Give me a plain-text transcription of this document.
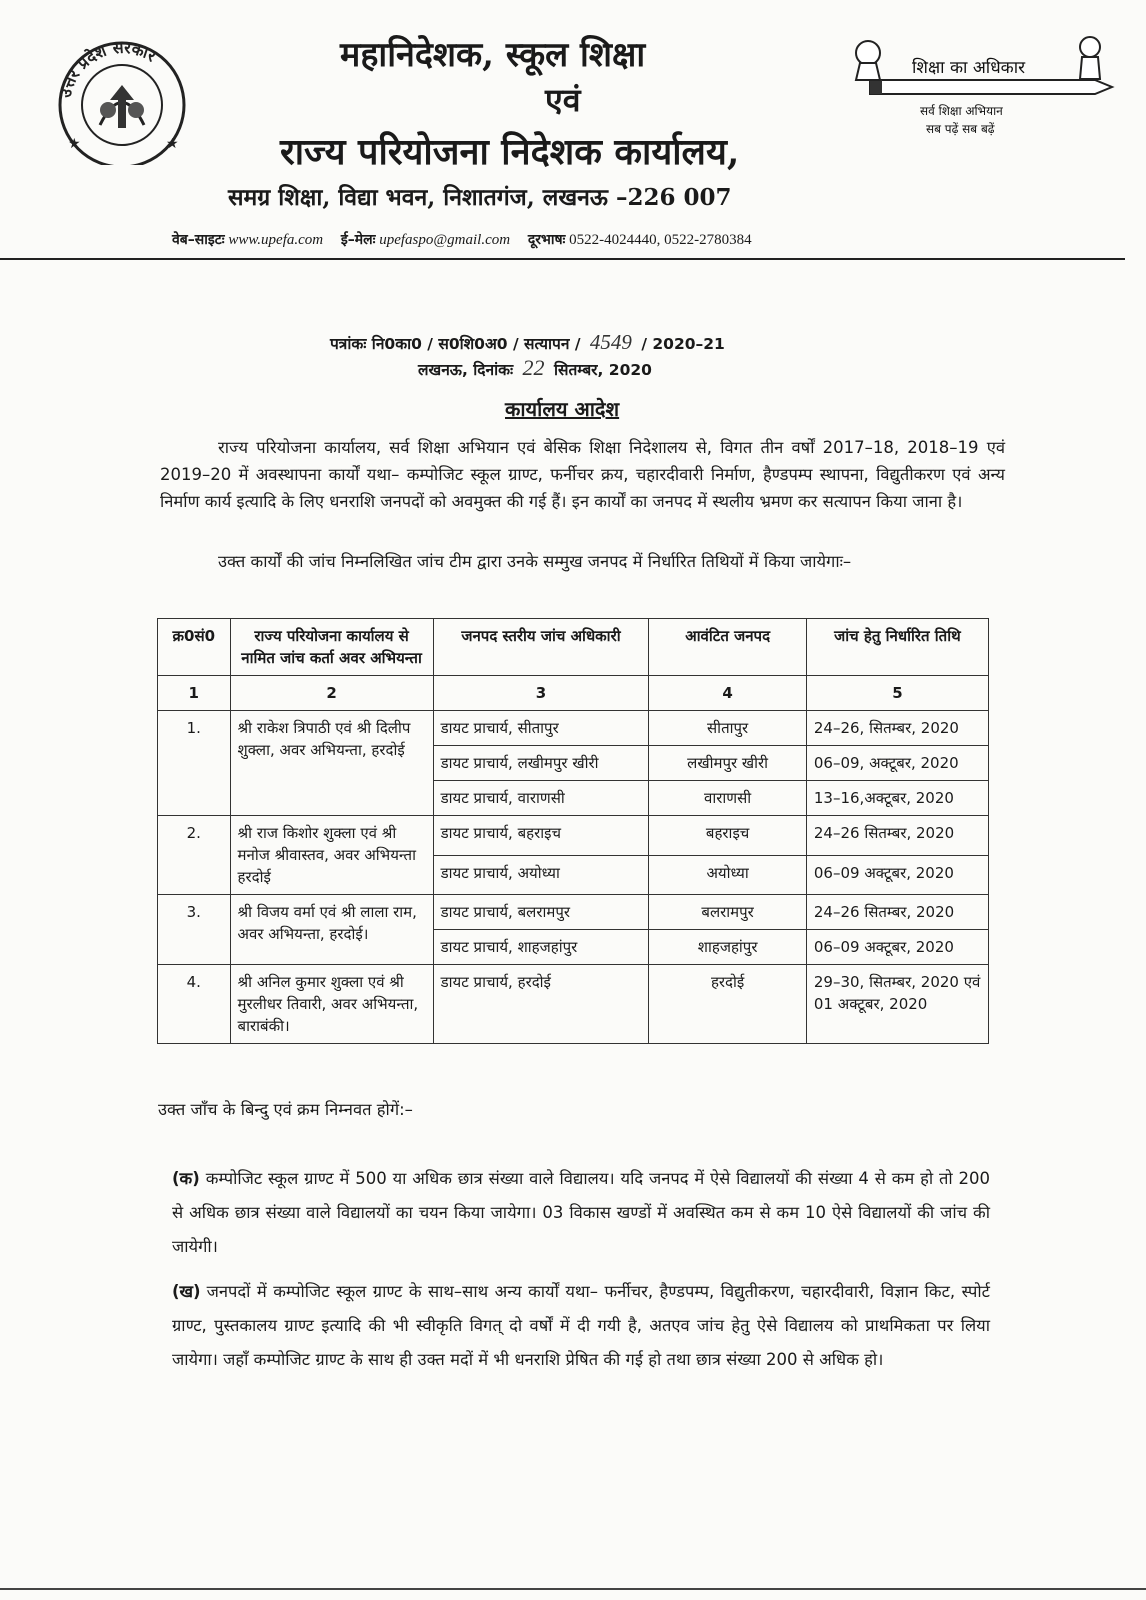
उत्तर प्रदेश सरकार
★	★
महानिदेशक, स्कूल शिक्षा
एवं
राज्य परियोजना निदेशक कार्यालय,
समग्र शिक्षा, विद्या भवन, निशातगंज, लखनऊ –226 007
शिक्षा का अधिकार
सर्व शिक्षा अभियान
सब पढ़ें सब बढ़ें
वेब–साइटः www.upefa.com ई–मेलः upefaspo@gmail.com दूरभाषः 0522-4024440, 0522-2780384
पत्रांकः नि0का0 / स0शि0अ0 / सत्यापन / 4549 / 2020–21
लखनऊ, दिनांकः 22 सितम्बर, 2020
कार्यालय आदेश
राज्य परियोजना कार्यालय, सर्व शिक्षा अभियान एवं बेसिक शिक्षा निदेशालय से, विगत तीन वर्षों 2017–18, 2018–19 एवं 2019–20 में अवस्थापना कार्यों यथा– कम्पोजिट स्कूल ग्राण्ट, फर्नीचर क्रय, चहारदीवारी निर्माण, हैण्डपम्प स्थापना, विद्युतीकरण एवं अन्य निर्माण कार्य इत्यादि के लिए धनराशि जनपदों को अवमुक्त की गई हैं। इन कार्यों का जनपद में स्थलीय भ्रमण कर सत्यापन किया जाना है।
उक्त कार्यों की जांच निम्नलिखित जांच टीम द्वारा उनके सम्मुख जनपद में निर्धारित तिथियों में किया जायेगाः–
क्र0सं0	राज्य परियोजना कार्यालय से नामित जांच कर्ता अवर अभियन्ता	जनपद स्तरीय जांच अधिकारी	आवंटित जनपद	जांच हेतु निर्धारित तिथि
1	2	3	4	5
1.	श्री राकेश त्रिपाठी एवं श्री दिलीप शुक्ला, अवर अभियन्ता, हरदोई	डायट प्राचार्य, सीतापुर	सीतापुर	24–26, सितम्बर, 2020
		डायट प्राचार्य, लखीमपुर खीरी	लखीमपुर खीरी	06–09, अक्टूबर, 2020
		डायट प्राचार्य, वाराणसी	वाराणसी	13–16,अक्टूबर, 2020
2.	श्री राज किशोर शुक्ला एवं श्री मनोज श्रीवास्तव, अवर अभियन्ता हरदोई	डायट प्राचार्य, बहराइच	बहराइच	24–26 सितम्बर, 2020
		डायट प्राचार्य, अयोध्या	अयोध्या	06–09 अक्टूबर, 2020
3.	श्री विजय वर्मा एवं श्री लाला राम, अवर अभियन्ता, हरदोई।	डायट प्राचार्य, बलरामपुर	बलरामपुर	24–26 सितम्बर, 2020
		डायट प्राचार्य, शाहजहांपुर	शाहजहांपुर	06–09 अक्टूबर, 2020
4.	श्री अनिल कुमार शुक्ला एवं श्री मुरलीधर तिवारी, अवर अभियन्ता, बाराबंकी।	डायट प्राचार्य, हरदोई	हरदोई	29–30, सितम्बर, 2020 एवं 01 अक्टूबर, 2020
उक्त जाँच के बिन्दु एवं क्रम निम्नवत होगें:–
(क) कम्पोजिट स्कूल ग्राण्ट में 500 या अधिक छात्र संख्या वाले विद्यालय। यदि जनपद में ऐसे विद्यालयों की संख्या 4 से कम हो तो 200 से अधिक छात्र संख्या वाले विद्यालयों का चयन किया जायेगा। 03 विकास खण्डों में अवस्थित कम से कम 10 ऐसे विद्यालयों की जांच की जायेगी।
(ख) जनपदों में कम्पोजिट स्कूल ग्राण्ट के साथ–साथ अन्य कार्यों यथा– फर्नीचर, हैण्डपम्प, विद्युतीकरण, चहारदीवारी, विज्ञान किट, स्पोर्ट ग्राण्ट, पुस्तकालय ग्राण्ट इत्यादि की भी स्वीकृति विगत् दो वर्षों में दी गयी है, अतएव जांच हेतु ऐसे विद्यालय को प्राथमिकता पर लिया जायेगा। जहाँ कम्पोजिट ग्राण्ट के साथ ही उक्त मदों में भी धनराशि प्रेषित की गई हो तथा छात्र संख्या 200 से अधिक हो।
